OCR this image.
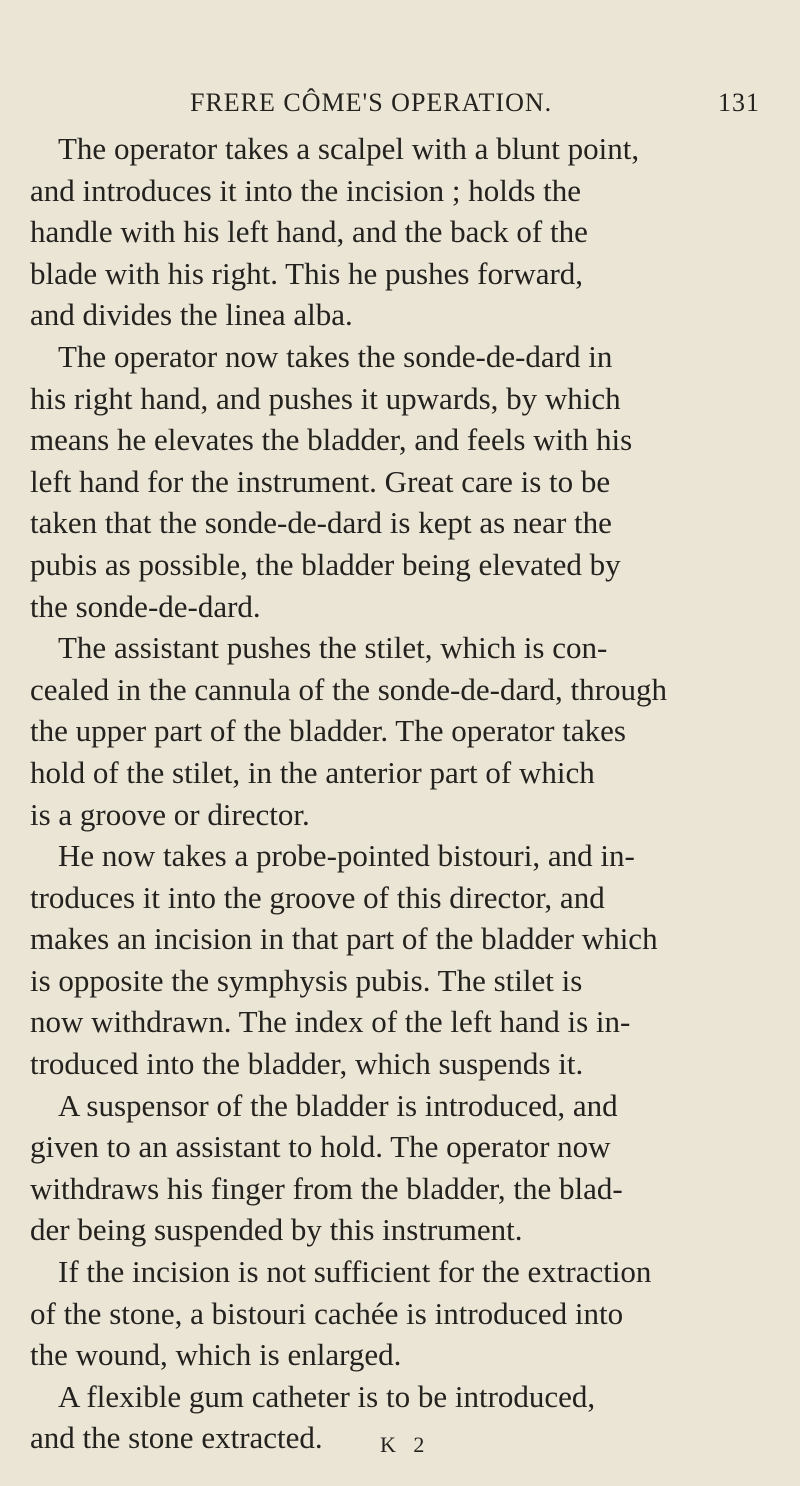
FRERE CÔME'S OPERATION.	131
The operator takes a scalpel with a blunt point,
and introduces it into the incision ; holds the
handle with his left hand, and the back of the
blade with his right. This he pushes forward,
and divides the linea alba.
The operator now takes the sonde-de-dard in
his right hand, and pushes it upwards, by which
means he elevates the bladder, and feels with his
left hand for the instrument. Great care is to be
taken that the sonde-de-dard is kept as near the
pubis as possible, the bladder being elevated by
the sonde-de-dard.
The assistant pushes the stilet, which is con-
cealed in the cannula of the sonde-de-dard, through
the upper part of the bladder. The operator takes
hold of the stilet, in the anterior part of which
is a groove or director.
He now takes a probe-pointed bistouri, and in-
troduces it into the groove of this director, and
makes an incision in that part of the bladder which
is opposite the symphysis pubis. The stilet is
now withdrawn. The index of the left hand is in-
troduced into the bladder, which suspends it.
A suspensor of the bladder is introduced, and
given to an assistant to hold. The operator now
withdraws his finger from the bladder, the blad-
der being suspended by this instrument.
If the incision is not sufficient for the extraction
of the stone, a bistouri cachée is introduced into
the wound, which is enlarged.
A flexible gum catheter is to be introduced,
and the stone extracted.	K 2
